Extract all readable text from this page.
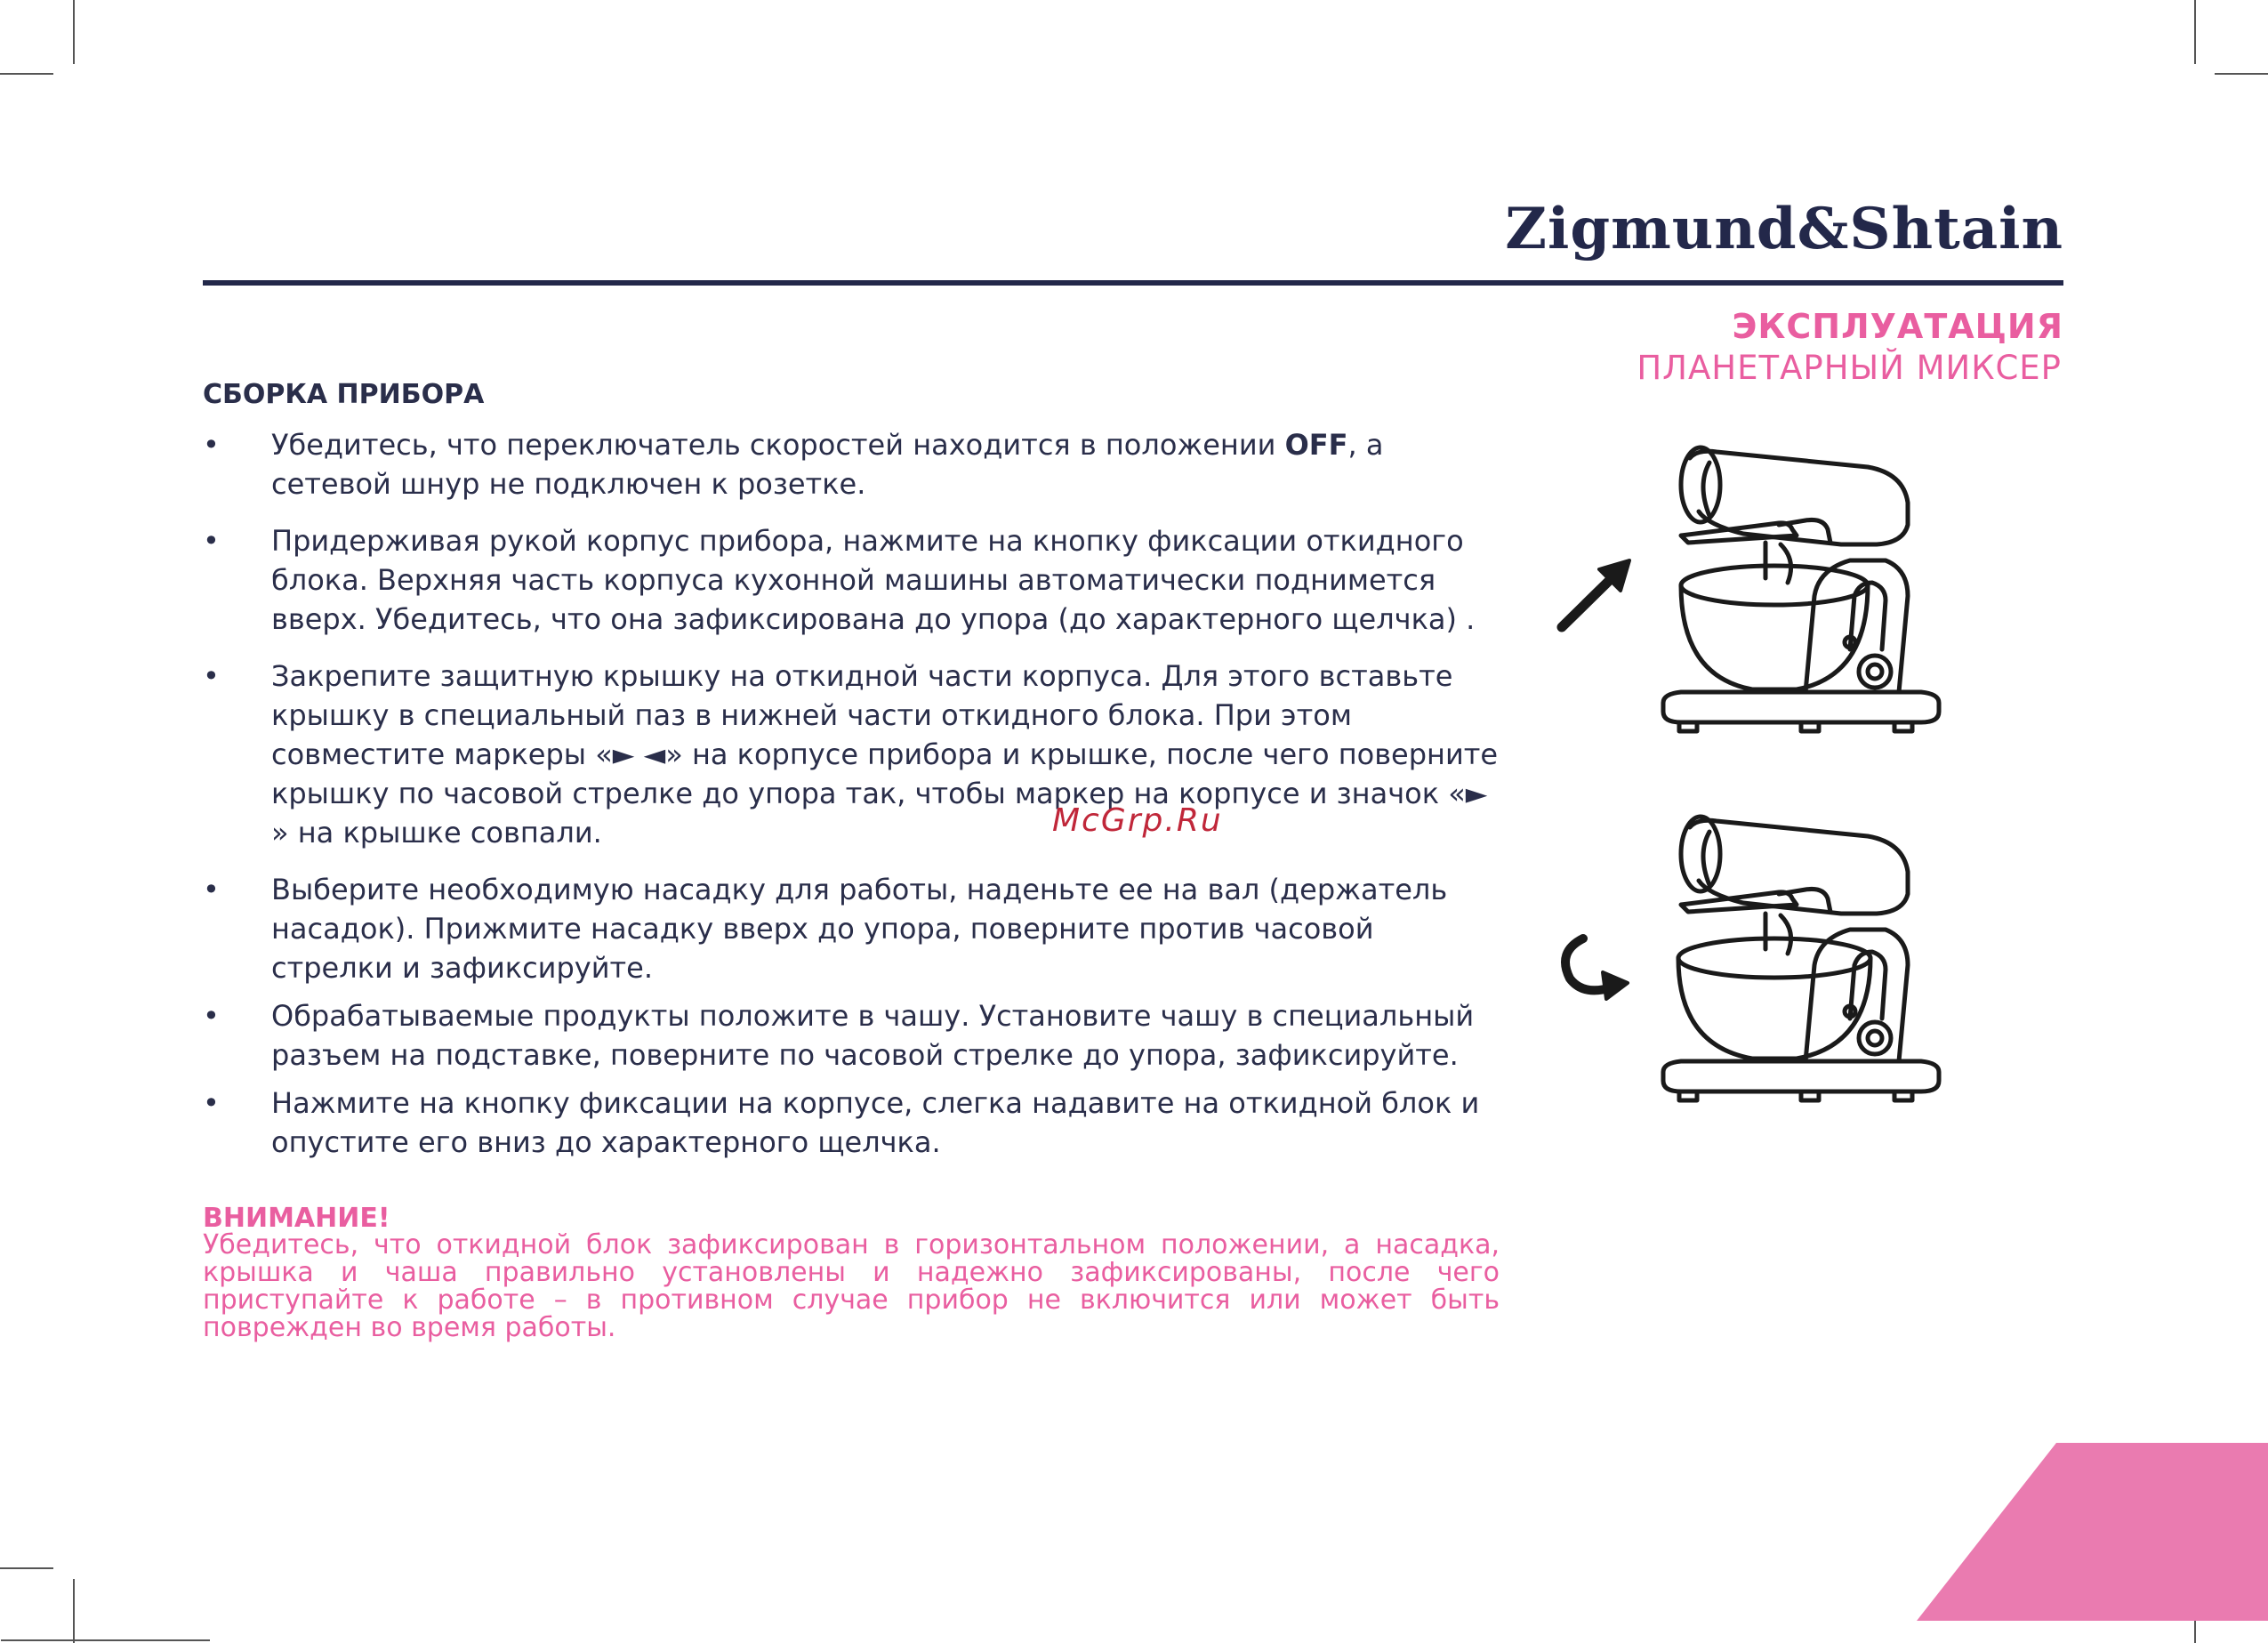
Zigmund&Shtain
ЭКСПЛУАТАЦИЯ
ПЛАНЕТАРНЫЙ МИКСЕР
СБОРКА ПРИБОРА
• Убедитесь, что переключатель скоростей находится в положении OFF, а сетевой шнур не подключен к розетке.
• Придерживая рукой корпус прибора, нажмите на кнопку фиксации откидного блока. Верхняя часть корпуса кухонной машины автоматически поднимется вверх. Убедитесь, что она зафиксирована до упора (до характерного щелчка) .
• Закрепите защитную крышку на откидной части корпуса. Для этого вставьте крышку в специальный паз в нижней части откидного блока. При этом совместите маркеры «► ◄» на корпусе прибора и крышке, после чего поверните крышку по часовой стрелке до упора так, чтобы маркер на корпусе и значок «► » на крышке совпали.
• Выберите необходимую насадку для работы, наденьте ее на вал (держатель насадок). Прижмите насадку вверх до упора, поверните против часовой стрелки и зафиксируйте.
• Обрабатываемые продукты положите в чашу. Установите чашу в специальный разъем на подставке, поверните по часовой стрелке до упора, зафиксируйте.
• Нажмите на кнопку фиксации на корпусе, слегка надавите на откидной блок и опустите его вниз до характерного щелчка.
McGrp.Ru
ВНИМАНИЕ!
Убедитесь, что откидной блок зафиксирован в горизонтальном положении, а насадка, крышка и чаша правильно установлены и надежно зафиксированы, после чего приступайте к работе – в противном случае прибор не включится или может быть поврежден во время работы.
